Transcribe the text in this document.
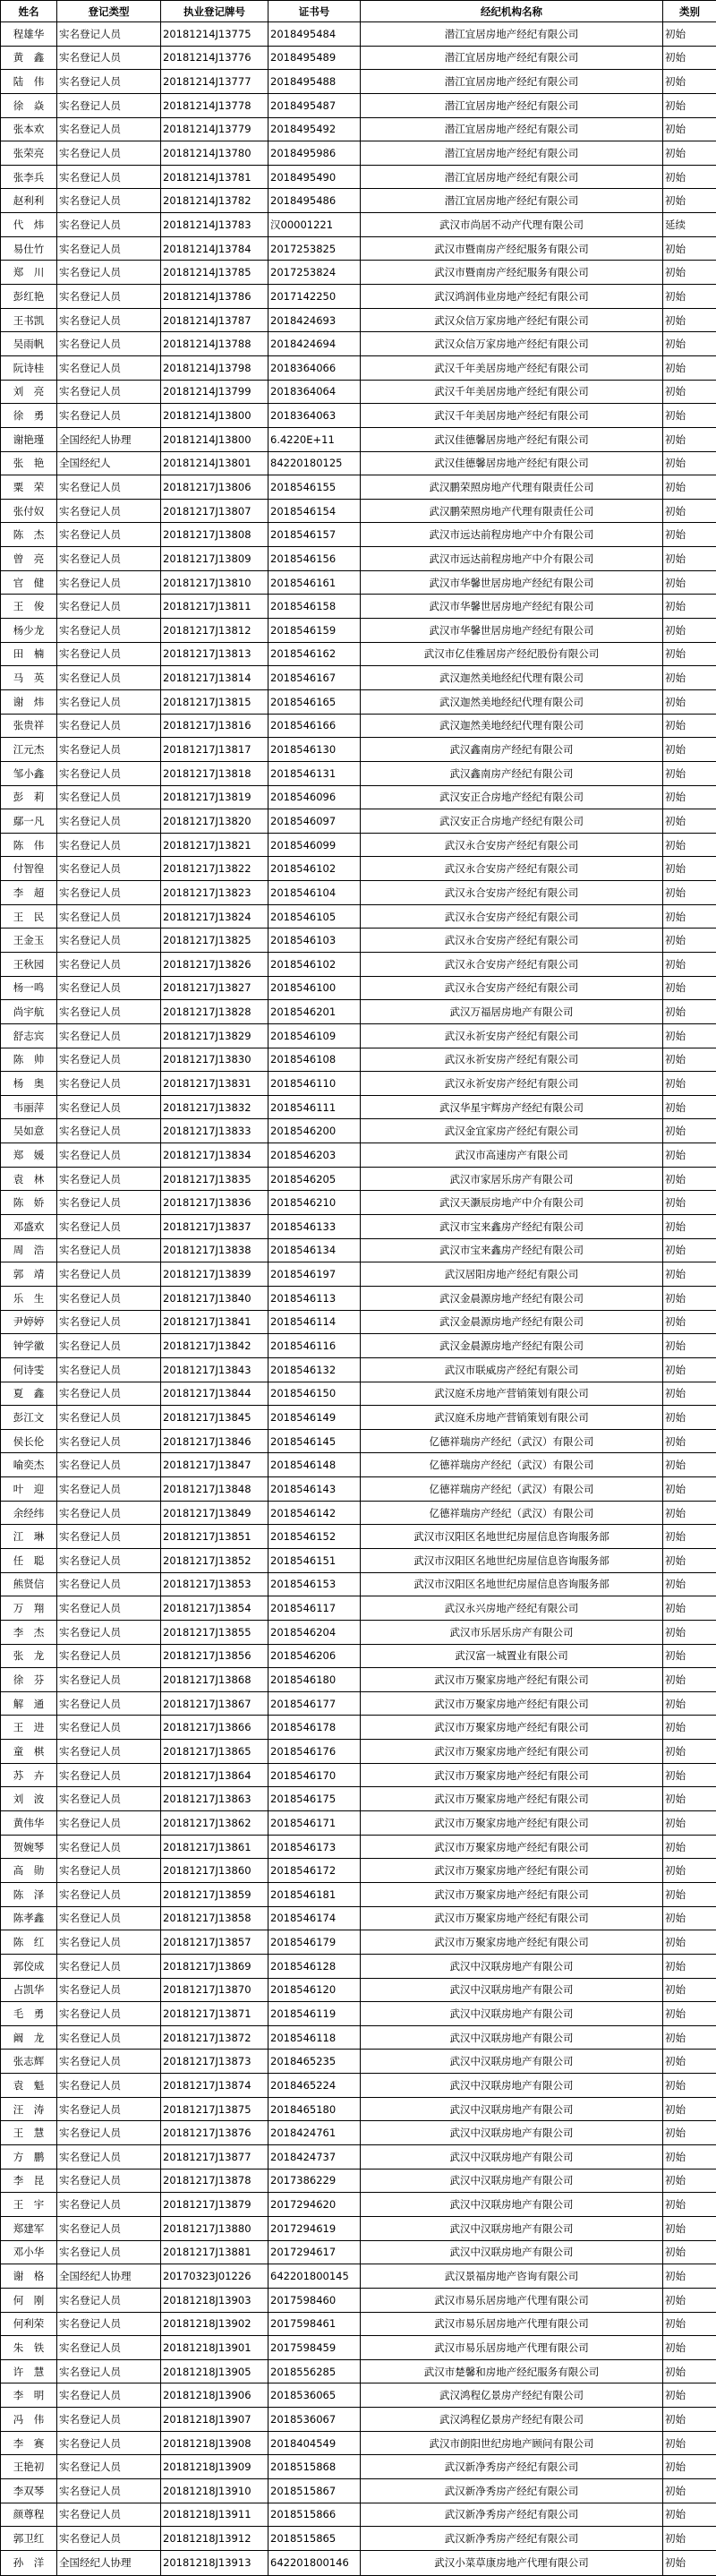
姓名	登记类型	执业登记牌号	证书号	经纪机构名称	类别
程雄华	实名登记人员	20181214J13775	2018495484	潜江宜居房地产经纪有限公司	初始
黄　鑫	实名登记人员	20181214J13776	2018495489	潜江宜居房地产经纪有限公司	初始
陆　伟	实名登记人员	20181214J13777	2018495488	潜江宜居房地产经纪有限公司	初始
徐　焱	实名登记人员	20181214J13778	2018495487	潜江宜居房地产经纪有限公司	初始
张本欢	实名登记人员	20181214J13779	2018495492	潜江宜居房地产经纪有限公司	初始
张荣亮	实名登记人员	20181214J13780	2018495986	潜江宜居房地产经纪有限公司	初始
张李兵	实名登记人员	20181214J13781	2018495490	潜江宜居房地产经纪有限公司	初始
赵利利	实名登记人员	20181214J13782	2018495486	潜江宜居房地产经纪有限公司	初始
代　炜	实名登记人员	20181214J13783	汉00001221	武汉市尚居不动产代理有限公司	延续
易仕竹	实名登记人员	20181214J13784	2017253825	武汉市暨南房产经纪服务有限公司	初始
郑　川	实名登记人员	20181214J13785	2017253824	武汉市暨南房产经纪服务有限公司	初始
彭红艳	实名登记人员	20181214J13786	2017142250	武汉鸿润伟业房地产经纪有限公司	初始
王书凯	实名登记人员	20181214J13787	2018424693	武汉众信万家房地产经纪有限公司	初始
吴雨帆	实名登记人员	20181214J13788	2018424694	武汉众信万家房地产经纪有限公司	初始
阮诗桂	实名登记人员	20181214J13798	2018364066	武汉千年美居房地产经纪有限公司	初始
刘　亮	实名登记人员	20181214J13799	2018364064	武汉千年美居房地产经纪有限公司	初始
徐　勇	实名登记人员	20181214J13800	2018364063	武汉千年美居房地产经纪有限公司	初始
谢艳瑾	全国经纪人协理	20181214J13800	6.4220E+11	武汉佳德馨居房地产经纪有限公司	初始
张　艳	全国经纪人	20181214J13801	84220180125	武汉佳德馨居房地产经纪有限公司	初始
粟　荣	实名登记人员	20181217J13806	2018546155	武汉鹏荣照房地产代理有限责任公司	初始
张付奴	实名登记人员	20181217J13807	2018546154	武汉鹏荣照房地产代理有限责任公司	初始
陈　杰	实名登记人员	20181217J13808	2018546157	武汉市远达前程房地产中介有限公司	初始
曾　亮	实名登记人员	20181217J13809	2018546156	武汉市远达前程房地产中介有限公司	初始
官　健	实名登记人员	20181217J13810	2018546161	武汉市华馨世居房地产经纪有限公司	初始
王　俊	实名登记人员	20181217J13811	2018546158	武汉市华馨世居房地产经纪有限公司	初始
杨少龙	实名登记人员	20181217J13812	2018546159	武汉市华馨世居房地产经纪有限公司	初始
田　楠	实名登记人员	20181217J13813	2018546162	武汉市亿佳雅居房产经纪股份有限公司	初始
马　英	实名登记人员	20181217J13814	2018546167	武汉迦然美地经纪代理有限公司	初始
谢　炜	实名登记人员	20181217J13815	2018546165	武汉迦然美地经纪代理有限公司	初始
张贵祥	实名登记人员	20181217J13816	2018546166	武汉迦然美地经纪代理有限公司	初始
江元杰	实名登记人员	20181217J13817	2018546130	武汉鑫南房产经纪有限公司	初始
邹小鑫	实名登记人员	20181217J13818	2018546131	武汉鑫南房产经纪有限公司	初始
彭　莉	实名登记人员	20181217J13819	2018546096	武汉安正合房地产经纪有限公司	初始
鄢一凡	实名登记人员	20181217J13820	2018546097	武汉安正合房地产经纪有限公司	初始
陈　伟	实名登记人员	20181217J13821	2018546099	武汉永合安房产经纪有限公司	初始
付智徨	实名登记人员	20181217J13822	2018546102	武汉永合安房产经纪有限公司	初始
李　超	实名登记人员	20181217J13823	2018546104	武汉永合安房产经纪有限公司	初始
王　民	实名登记人员	20181217J13824	2018546105	武汉永合安房产经纪有限公司	初始
王金玉	实名登记人员	20181217J13825	2018546103	武汉永合安房产经纪有限公司	初始
王秋园	实名登记人员	20181217J13826	2018546102	武汉永合安房产经纪有限公司	初始
杨一鸣	实名登记人员	20181217J13827	2018546100	武汉永合安房产经纪有限公司	初始
尚宇航	实名登记人员	20181217J13828	2018546201	武汉万福居房地产有限公司	初始
舒志宾	实名登记人员	20181217J13829	2018546109	武汉永祈安房产经纪有限公司	初始
陈　帅	实名登记人员	20181217J13830	2018546108	武汉永祈安房产经纪有限公司	初始
杨　奥	实名登记人员	20181217J13831	2018546110	武汉永祈安房产经纪有限公司	初始
韦丽萍	实名登记人员	20181217J13832	2018546111	武汉华星宇辉房产经纪有限公司	初始
吴如意	实名登记人员	20181217J13833	2018546200	武汉金宜家房产经纪有限公司	初始
郑　媛	实名登记人员	20181217J13834	2018546203	武汉市高速房产有限公司	初始
袁　林	实名登记人员	20181217J13835	2018546205	武汉市家居乐房产有限公司	初始
陈　娇	实名登记人员	20181217J13836	2018546210	武汉天灏辰房地产中介有限公司	初始
邓盛欢	实名登记人员	20181217J13837	2018546133	武汉市宝来鑫房产经纪有限公司	初始
周　浩	实名登记人员	20181217J13838	2018546134	武汉市宝来鑫房产经纪有限公司	初始
郭　靖	实名登记人员	20181217J13839	2018546197	武汉居阳房地产经纪有限公司	初始
乐　生	实名登记人员	20181217J13840	2018546113	武汉金晨源房地产经纪有限公司	初始
尹婷婷	实名登记人员	20181217J13841	2018546114	武汉金晨源房地产经纪有限公司	初始
钟学徽	实名登记人员	20181217J13842	2018546116	武汉金晨源房地产经纪有限公司	初始
何诗雯	实名登记人员	20181217J13843	2018546132	武汉市联威房产经纪有限公司	初始
夏　鑫	实名登记人员	20181217J13844	2018546150	武汉庭禾房地产营销策划有限公司	初始
彭江文	实名登记人员	20181217J13845	2018546149	武汉庭禾房地产营销策划有限公司	初始
侯长伦	实名登记人员	20181217J13846	2018546145	亿德祥瑞房产经纪（武汉）有限公司	初始
喻奕杰	实名登记人员	20181217J13847	2018546148	亿德祥瑞房产经纪（武汉）有限公司	初始
叶　迎	实名登记人员	20181217J13848	2018546143	亿德祥瑞房产经纪（武汉）有限公司	初始
余经纬	实名登记人员	20181217J13849	2018546142	亿德祥瑞房产经纪（武汉）有限公司	初始
江　琳	实名登记人员	20181217J13851	2018546152	武汉市汉阳区名地世纪房屋信息咨询服务部	初始
任　聪	实名登记人员	20181217J13852	2018546151	武汉市汉阳区名地世纪房屋信息咨询服务部	初始
熊贤信	实名登记人员	20181217J13853	2018546153	武汉市汉阳区名地世纪房屋信息咨询服务部	初始
万　翔	实名登记人员	20181217J13854	2018546117	武汉永兴房地产经纪有限公司	初始
李　杰	实名登记人员	20181217J13855	2018546204	武汉市乐居乐房产有限公司	初始
张　龙	实名登记人员	20181217J13856	2018546206	武汉富一城置业有限公司	初始
徐　芬	实名登记人员	20181217J13868	2018546180	武汉市万聚家房地产经纪有限公司	初始
解　通	实名登记人员	20181217J13867	2018546177	武汉市万聚家房地产经纪有限公司	初始
王　进	实名登记人员	20181217J13866	2018546178	武汉市万聚家房地产经纪有限公司	初始
童　棋	实名登记人员	20181217J13865	2018546176	武汉市万聚家房地产经纪有限公司	初始
苏　卉	实名登记人员	20181217J13864	2018546170	武汉市万聚家房地产经纪有限公司	初始
刘　波	实名登记人员	20181217J13863	2018546175	武汉市万聚家房地产经纪有限公司	初始
黄伟华	实名登记人员	20181217J13862	2018546171	武汉市万聚家房地产经纪有限公司	初始
贺婉琴	实名登记人员	20181217J13861	2018546173	武汉市万聚家房地产经纪有限公司	初始
高　勋	实名登记人员	20181217J13860	2018546172	武汉市万聚家房地产经纪有限公司	初始
陈　泽	实名登记人员	20181217J13859	2018546181	武汉市万聚家房地产经纪有限公司	初始
陈孝鑫	实名登记人员	20181217J13858	2018546174	武汉市万聚家房地产经纪有限公司	初始
陈　红	实名登记人员	20181217J13857	2018546179	武汉市万聚家房地产经纪有限公司	初始
郭佼成	实名登记人员	20181217J13869	2018546128	武汉中汉联房地产有限公司	初始
占凯华	实名登记人员	20181217J13870	2018546120	武汉中汉联房地产有限公司	初始
毛　勇	实名登记人员	20181217J13871	2018546119	武汉中汉联房地产有限公司	初始
阚　龙	实名登记人员	20181217J13872	2018546118	武汉中汉联房地产有限公司	初始
张志辉	实名登记人员	20181217J13873	2018465235	武汉中汉联房地产有限公司	初始
袁　魁	实名登记人员	20181217J13874	2018465224	武汉中汉联房地产有限公司	初始
汪　涛	实名登记人员	20181217J13875	2018465180	武汉中汉联房地产有限公司	初始
王　慧	实名登记人员	20181217J13876	2018424761	武汉中汉联房地产有限公司	初始
方　鹏	实名登记人员	20181217J13877	2018424737	武汉中汉联房地产有限公司	初始
李　昆	实名登记人员	20181217J13878	2017386229	武汉中汉联房地产有限公司	初始
王　宇	实名登记人员	20181217J13879	2017294620	武汉中汉联房地产有限公司	初始
郑建军	实名登记人员	20181217J13880	2017294619	武汉中汉联房地产有限公司	初始
邓小华	实名登记人员	20181217J13881	2017294617	武汉中汉联房地产有限公司	初始
谢　格	全国经纪人协理	20170323J01226	642201800145	武汉景福房地产咨询有限公司	初始
何　刚	实名登记人员	20181218J13903	2017598460	武汉市易乐居房地产代理有限公司	初始
何利荣	实名登记人员	20181218J13902	2017598461	武汉市易乐居房地产代理有限公司	初始
朱　铁	实名登记人员	20181218J13901	2017598459	武汉市易乐居房地产代理有限公司	初始
许　慧	实名登记人员	20181218J13905	2018556285	武汉市楚馨和房地产经纪服务有限公司	初始
李　明	实名登记人员	20181218J13906	2018536065	武汉鸿程亿景房产经纪有限公司	初始
冯　伟	实名登记人员	20181218J13907	2018536067	武汉鸿程亿景房产经纪有限公司	初始
李　赛	实名登记人员	20181218J13908	2018404549	武汉市朗阳世纪房地产顾问有限公司	初始
王艳初	实名登记人员	20181218J13909	2018515868	武汉新净秀房产经纪有限公司	初始
李双琴	实名登记人员	20181218J13910	2018515867	武汉新净秀房产经纪有限公司	初始
颜尊程	实名登记人员	20181218J13911	2018515866	武汉新净秀房产经纪有限公司	初始
郭卫红	实名登记人员	20181218J13912	2018515865	武汉新净秀房产经纪有限公司	初始
孙　洋	全国经纪人协理	20181218J13913	642201800146	武汉小菜草康房地产代理有限公司	初始
